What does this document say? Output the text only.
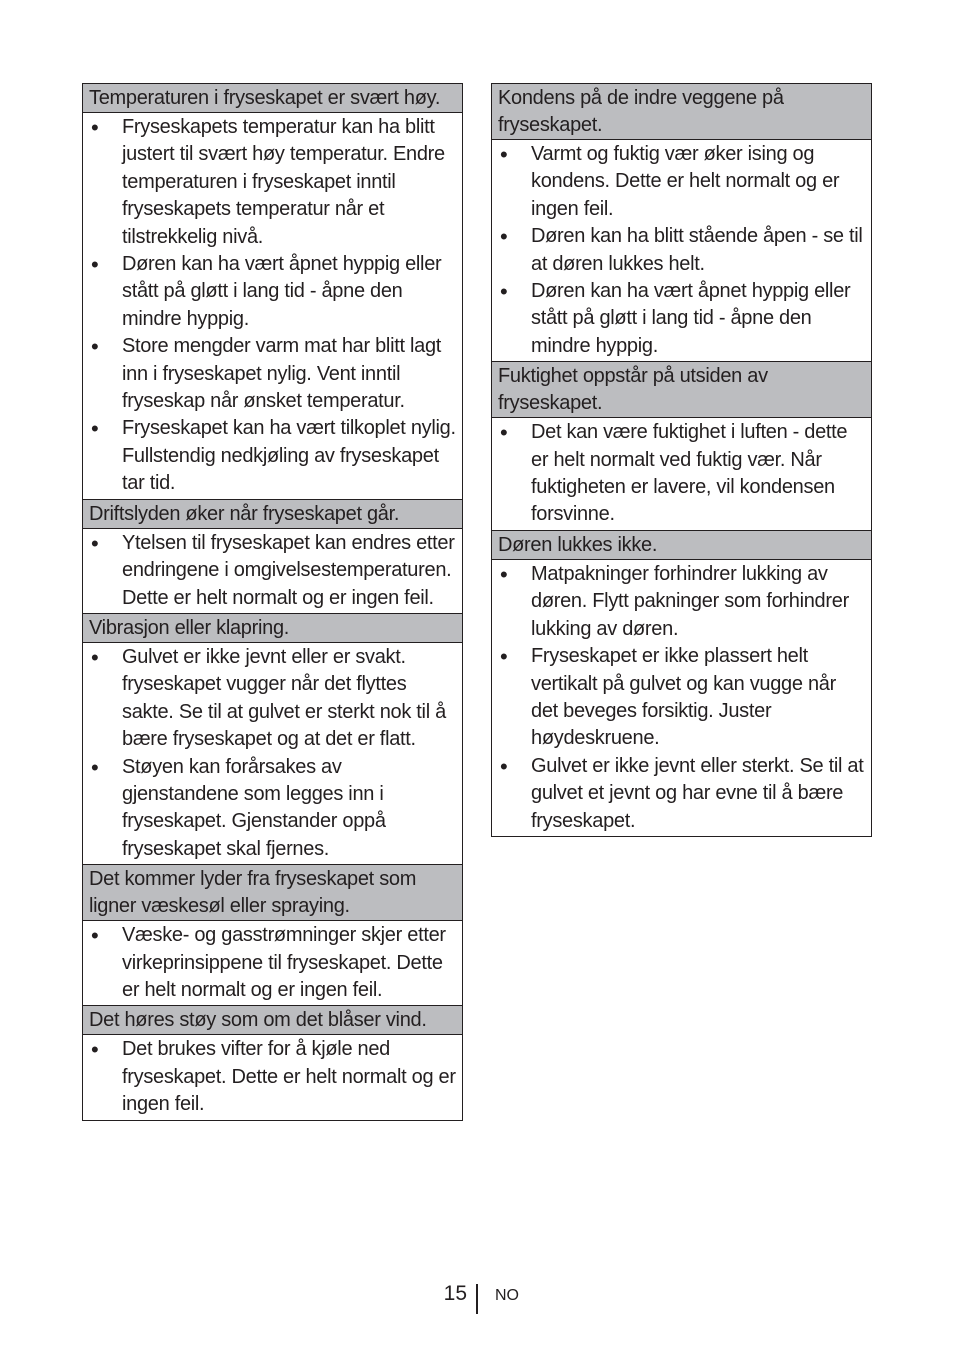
Temperaturen i fryseskapet er svært høy.

• Fryseskapets temperatur kan ha blitt justert til svært høy temperatur. Endre temperaturen i fryseskapet inntil fryseskapets temperatur når et tilstrekkelig nivå.
• Døren kan ha vært åpnet hyppig eller stått på gløtt i lang tid - åpne den mindre hyppig.
• Store mengder varm mat har blitt lagt inn i fryseskapet nylig. Vent inntil fryseskap når ønsket temperatur.
• Fryseskapet kan ha vært tilkoplet nylig. Fullstendig nedkjøling av fryseskapet tar tid.

Driftslyden øker når fryseskapet går.

• Ytelsen til fryseskapet kan endres etter endringene i omgivelsestemperaturen. Dette er helt normalt og er ingen feil.

Vibrasjon eller klapring.

• Gulvet er ikke jevnt eller er svakt. fryseskapet vugger når det flyttes sakte. Se til at gulvet er sterkt nok til å bære fryseskapet og at det er flatt.
• Støyen kan forårsakes av gjenstandene som legges inn i fryseskapet. Gjenstander oppå fryseskapet skal fjernes.

Det kommer lyder fra fryseskapet som ligner væskesøl eller spraying.

• Væske- og gasstrømninger skjer etter virkeprinsippene til fryseskapet. Dette er helt normalt og er ingen feil.

Det høres støy som om det blåser vind.

• Det brukes vifter for å kjøle ned fryseskapet. Dette er helt normalt og er ingen feil.
Kondens på de indre veggene på fryseskapet.

• Varmt og fuktig vær øker ising og kondens. Dette er helt normalt og er ingen feil.
• Døren kan ha blitt stående åpen - se til at døren lukkes helt.
• Døren kan ha vært åpnet hyppig eller stått på gløtt i lang tid - åpne den mindre hyppig.

Fuktighet oppstår på utsiden av fryseskapet.

• Det kan være fuktighet i luften - dette er helt normalt ved fuktig vær. Når fuktigheten er lavere, vil kondensen forsvinne.

Døren lukkes ikke.

• Matpakninger forhindrer lukking av døren. Flytt pakninger som forhindrer lukking av døren.
• Fryseskapet er ikke plassert helt vertikalt på gulvet og kan vugge når det beveges forsiktig. Juster høydeskruene.
• Gulvet er ikke jevnt eller sterkt. Se til at gulvet et jevnt og har evne til å bære fryseskapet.
15 NO
